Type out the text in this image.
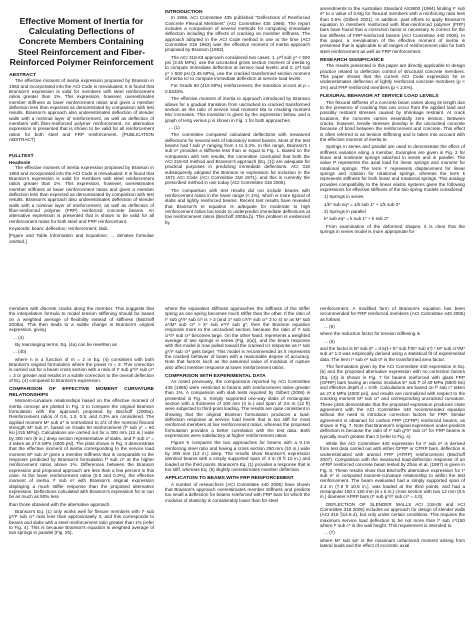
Effective Moment of Inertia for Calculating Deflections of Concrete Members Containing Steel Reinforcement and Fiber-Reinforced Polymer Reinforcement
ABSTRACT

The effective moment of inertia expression proposed by Branson in 1963 and incorporated into the ACI Code is reevaluated. It is found that Branson's expression is valid for members with steel reinforcement ratios greater than 1%. This expression, however, overestimates member stiffness at lower reinforcement ratios and gives a member deflection less than expected as demonstrated by comparison with test results. Branson's approach also underestimates deflection of slender walls with a nominal layer of reinforcement, as well as deflection of members with fiber-reinforced polymer reinforcement. An alternative expression is presented that is shown to be valid for all reinforcement ratios for both steel and FRP reinforcement. [PUBLICATION ABSTRACT]

FULLTEXT
Headnote

The effective moment of inertia expression proposed by Branson in 1963 and incorporated into the ACI Code is reevaluated. It is found that Branson's expression is valid for members with steel reinforcement ratios greater than 1%. This expression, however, overestimates member stiffness at lower reinforcement ratios and gives a member deflection less than expected as demonstrated by comparison with test results. Branson's approach also underestimates deflection of slender walls with a nominal layer of reinforcement, as well as deflection of fiber-reinforced polymer (FRP) reinforced concrete beams. An alternative expression is presented that is shown to be valid for all reinforcement ratios for both steel and FRP reinforcement.

Keywords: beam; deflection; reinforcement; slab.

[Figure and Table Information and Equations; ... denotes formulae omitted.]

INTRODUCTION

In 1966, ACI Committee 435 published "Deflections of Reinforced Concrete Flexural Members" (ACI Committee 435 1966). The report includes a comparison of several methods for computing immediate deflection including the effects of cracking on member stiffness. The approach adopted in the ACI Code method in use at the time (ACI Committee 318 1963) was the effective moment of inertia approach proposed by Branson (1963).

The ACI 318-63 approach considered two cases: 1. p*f sub y* < 500 psi (3.45 MPa), use the uncracked gross section moment of inertia Ig to compute immediate deflection at service load levels; and 2. p*f sub y* > 500 psi (3.45 MPa), use the cracked transformed section moment of inertia Icr to compute immediate deflection at service load levels.

For Grade 60 (415 MPa) reinforcement, the transition occurs at p = 0.8333%.

The effective moment of inertia Ie approach introduced by Branson allows for a gradual transition from uncracked to cracked transformed section as the ratio of service load moment Ma to cracking moment Mcr increases. This transition is given by the expression below, and a graph of Ie/Ig versus p is shown in Fig. 1 for both approaches.

... (1)

The committee compared calculated deflections with measured deflections for several sets of laboratory tested beams. Most of the test beams had f sub y* ranging from 1 to 3.2%. In this range, Branson's I sub e* provides a stiffness less than or equal to Fig. 1. Based on the comparison with test results, the committee concluded that both the ACI 318-63 method and Branson's approach (Eq. (1)) are adequate for practical purposes in predicting immediate deflections. ACI 318 subsequently adopted the Branson Ie expression for inclusion in the 1971 ACI Code (ACI Committee 318 1971), and this is currently the prescribed method in use today (ACI Committee 318 2005).

The comparison with test results did not include beams with reinforcement ratios in the lower range (< 1%), which is more typical of slabs and lightly reinforced beams. Recent test results have revealed that Branson's Ie equation is adequate for moderate to high reinforcement ratios but tends to underpredict immediate deflections at low reinforcement ratios (Bischoff 2005a,b). This problem is evidenced by

amendments to the Australian Standard AS3600 (1994) limiting I* sub e* to a value of 0.6Ig for flexural members with a reinforcing ratio less than 0.5% (Gilbert 2001). In addition, past efforts to apply Branson's equation to members reinforced with fiber-reinforced polymer (FRP) bars have found that a correction factor is necessary to correct for the low stiffness of FRP-reinforced beams (ACI Committee 440 2006). In this paper, a reevaluation of the effective moment of inertia is presented that is applicable to all ranges of reinforcement ratio for both steel reinforcement as well as FRP reinforcement.

RESEARCH SIGNIFICANCE

The results presented in this paper are directly applicable to design practice related to deflection control of structural concrete members. This paper shows that the current ACI Code expression for Ie underestimates deflection of lightly reinforced concrete members (p < 1%) and FRP reinforced members (p < 2.5%).

FLEXURAL BEHAVIOR AT SERVICE LOAD LEVELS

The flexural stiffness of a concrete beam varies along its length due to the presence of cracking that can occur from the applied load and possibly restraint stresses caused by shrinkage restraint. At crack locations, the concrete carries essentially zero tension. Between cracks, however, tensile stresses develop in the uncracked concrete because of bond between the reinforcement and concrete. This effect is often referred to as tension stiffening and is taken into account with the effective moment of inertia Ie.

Springs in series and parallel are used to demonstrate the effect of stiffness variation along a member. Examples are given in Fig. 2 for linear and nonlinear springs attached in series and in parallel. The value P represents the axial load for linear springs and moment for rotational springs. The term Y represents displacement for linear springs and rotation for rotational springs, whereas the term k represents stiffness for both linear and rotational springs. This analogy provides compatibility to the linear elastic systems gives the following expressions for effective stiffness of the two spring models considered:

1) Springs in series

1/k* sub eq* = 1/k sub 1* + 1/k sub 2*

2) Springs in parallel

k* sub eq* = k sub 1* + k sub 2*

From examination of the deformed shapes, it is clear that the springs in series model is more appropriate for

members with discrete cracks along the member. This suggests that the interpolation formula to model tension stiffening should be based on a weighted average of flexibility instead of stiffness (Bischoff 2005a). This then leads to a subtle change in Branson's original expression, giving

... (4)

By rearranging terms, Eq. (4a) can be rewritten as

... (4b)

where n is a function of m = 2 in Eq. (4) consistent with both Branson's original formulation where the power m = 3. This correction is carried out for a beam cross section with a ratio of I* sub g*/I* sub cr* = 3 or greater and results in a subtle correction to the overall deflection of Eq. (4) compared to Branson's expression.

COMPARISON OF EFFECTIVE MOMENT CURVATURE RELATIONSHIPS

Moment-curvature relationships based on the effective moment of inertia concept are plotted in Fig. 3 to compare the original Branson formulation with the approach proposed by Bischoff (2005a). Reinforcement ratios of 0.5, 1.0, 0.5, and 0.3% are considered. The applied moment M* sub a* is normalized to 2/3 of the nominal flexural strength M* sub n*, based on Grade 60 reinforcement (f* sub y* = 60 ksi [415 MPa]). Calculations are carried out for a 300 mm (12 in.) wide by 300 mm (8 in.) deep section representative of slabs, and f* sub c* = 4 taken as 27.6 MPa (4000 psi). The plots shown in Fig. 3 demonstrate that the effective moment of inertia corresponding to the service load moment M* sub a* gives a member stiffness that is comparable to the response predicted by Branson's formulation f* sub ci* at the higher reinforcement ratios above 1%. Differences between the Branson expression and proposed approach are less than a few percent in this case. At the lower reinforcement ratios (0.5 and 0.3%), the effective moment of inertia I* sub e* with Branson's original expression displaying a much stiffer response than the proposed alternative expression. Deflections calculated with Branson's expression for Ie can be as much as 50% less

than those obtained with the alternative approach.

Branson's Eq. (1) only works well for flexure members with I* sub g*/I* sub cr* ratio less than approximately 3, and this corresponds to beams and slabs with a steel reinforcement ratio greater than 1% (refer to Fig. 4). This is because Branson's equation is weighted average of two springs in parallel (Fig. 2b),

where the equivalent stiffness approaches the stiffness of the stiffer spring as one spring becomes much stiffer than the other. If the ratio of I* sub g*/I* sub cr* is > 3 (and 1* sub ci*/I* sub cr* 3 to 4) or as M* sub a*/M* sub cr* > k* sub e*/I* sub g*, then the Branson equation responds more to the uncracked section, because the ratio of I* sub ci*/I* sub cr* becomes large. On the other hand, represents a weighted average of two springs in series (Fig. 2(a)), and the beam response with this model is now pulled toward the cracked Icr response as I* sub g*/I* sub cr* gets larger. This model is recommended as it represents the cracked behavior of beam with a reasonable degree of accuracy. Note that factors such as the assumed value of modulus of rupture also affect member response at lower reinforcement ratios.

COMPARISON WITH EXPERIMENTAL DATA

As noted previously, the comparisons reported by ACI Committee 435 (1966) were restricted to beams with reinforcement ratios greater than 1%. A comparison with slab tests reported by Gilbert (2006) is presented in Fig. 6. Simply supported one-way slabs of rectangular section with a thickness of 100 mm (4 in.) and span of 3.6 m (12 ft) were subjected to third-point loading. The results are quite consistent in showing that the original Branson formulation produces a load-deflection response at service load levels that is too stiff for most reinforced members at low reinforcement ratios, whereas the proposed formulation provides a better correlation with the test data. Both expressions were satisfactory at higher reinforcement ratios.

Figure 6 compares the two approaches for beams with a 0.1% reinforcing steel ratio and having a cross section 250 mm (10 in.) wide by 300 mm (12 in.) deep. The results show Branson's expression identical beams with a simply supported span of 3 m (9 ft 10 in.) and loaded at the third points. Branson's Eq. (1) provides a response that is too stiff, whereas Eq. (6) slightly overestimates member deflection.

APPLICATION TO BEAMS WITH FRP REINFORCEMENT

A number of researchers (ACI Committee 440 2006) have shown that Branson's approach overestimates member stiffness and predicts too small a deflection for beams reinforced with FRP bars for which the modulus of elasticity is considerably lower than for steel

reinforcement. A modified form of Branson's equation has been recommended for FRP reinforced members (ACI Committee 440 2006) as follows

... (5)

where the reduction factor for tension stiffening is

... (6)

and the factor is B* sub d* = 0.5(1+ E* sub f*/E* sub s*) * M* sub cr*/M* sub a* 1.0 was empirically derived using a statistical fit of experimental data. The term I* sub e* sub 0* is the transformed area factor.

The formulation given by the ACI Committee 440 expression in Eq. (5) and the proposed alternative expression with no correction factors (Eq. (4)) is shown in Fig. 7 for beams reinforced with glass FRP (GFRP) bars having an elastic modulus E* sub f* of 40 MPa (5800 ksi) and effective depth d = 0.9h. Calculations are based on f* sub c* taken as 27.6 MPa (4000 psi), and results are normalized with respect to the cracking moment M* sub cr* and corresponding uncracked curvature. These plots demonstrate that the proposed expression produces close agreement with the ACI Committee 440 recommended equation without the need to introduce correction factors for FRP. Similar agreement is obtained for carbon FRP (CFRP) reinforced beams, as shown in Fig. 7. Note that Branson's original expression under-predicts deflection is because the ratio of I* sub g*/I* sub cr* for FRP beams is typically much greater than 3 (refer to Fig. 4).

While the ACI Committee 440 expression for I* sub e* is derived from test data carried out with either GFRP or CFRP bars, deflection is underestimated with aramid FRP (AFRP) reinforcement (Bischoff 2007). Comparison with the measured load-deflection response of an AFRP reinforced concrete beam tested by Zhao et al. (1997) is given in Fig. 8. These results show that Bischoff's alternative expression for I* sub e* is computed moment-curvature relationship to within the test reinforcement. The beam evaluated had a simply supported span of 2.4 m (7.9 ft 10.5 in.), was loaded at the third points, and had a rectangular 150 x 150 mm (6 x 6 in.) cross section with two 12 mm (0.5 in.) diameter AFRP bars (I* sub g*/I* sub cr* = 4.0).

DEFLECTION OF SLENDER WALLS ACI 318-05 and ACI Committee 318 2005) includes an approach for design of slender walls (ACI 318 §14.8.4), but only under certain conditions. This requires the maximum service load deflection to be not more than l* sub c*/150 where l* sub c* is the wall height. This requirement is intended to

... (7)

where M* sub sa* is the maximum unfactored moment arising from lateral loads and the effect of eccentric axial
